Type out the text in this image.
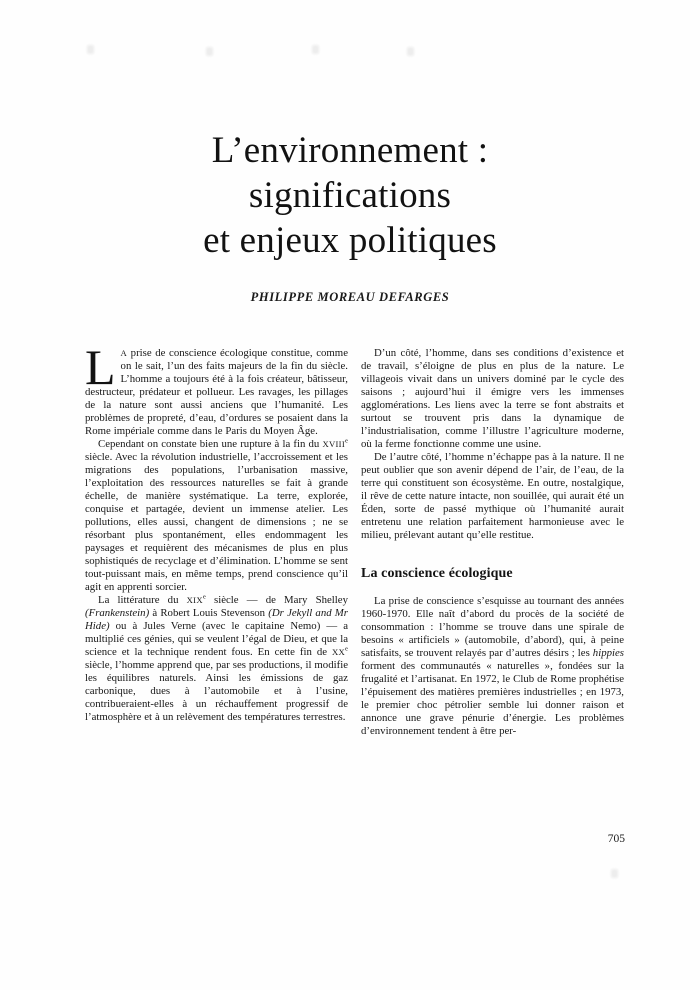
L’environnement :
significations
et enjeux politiques
PHILIPPE MOREAU DEFARGES

L A prise de conscience écologique constitue, comme on le sait, l’un des faits majeurs de la fin du siècle. L’homme a toujours été à la fois créateur, bâtisseur, destructeur, prédateur et pollueur. Les ravages, les pillages de la nature sont aussi anciens que l’humanité. Les problèmes de propreté, d’eau, d’ordures se posaient dans la Rome impériale comme dans le Paris du Moyen Âge.

Cependant on constate bien une rupture à la fin du XVIIIe siècle. Avec la révolution industrielle, l’accroissement et les migrations des populations, l’urbanisation massive, l’exploitation des ressources naturelles se fait à grande échelle, de manière systématique. La terre, explorée, conquise et partagée, devient un immense atelier. Les pollutions, elles aussi, changent de dimensions ; ne se résorbant plus spontanément, elles endommagent les paysages et requièrent des mécanismes de plus en plus sophistiqués de recyclage et d’élimination. L’homme se sent tout-puissant mais, en même temps, prend conscience qu’il agit en apprenti sorcier.

La littérature du XIXe siècle — de Mary Shelley (Frankenstein) à Robert Louis Stevenson (Dr Jekyll and Mr Hide) ou à Jules Verne (avec le capitaine Nemo) — a multiplié ces génies, qui se veulent l’égal de Dieu, et que la science et la technique rendent fous. En cette fin de XXe siècle, l’homme apprend que, par ses productions, il modifie les équilibres naturels. Ainsi les émissions de gaz carbonique, dues à l’automobile et à l’usine, contribueraient-elles à un réchauffement progressif de l’atmosphère et à un relèvement des températures terrestres.

D’un côté, l’homme, dans ses conditions d’existence et de travail, s’éloigne de plus en plus de la nature. Le villageois vivait dans un univers dominé par le cycle des saisons ; aujourd’hui il émigre vers les immenses agglomérations. Les liens avec la terre se font abstraits et surtout se trouvent pris dans la dynamique de l’industrialisation, comme l’illustre l’agriculture moderne, où la ferme fonctionne comme une usine.

De l’autre côté, l’homme n’échappe pas à la nature. Il ne peut oublier que son avenir dépend de l’air, de l’eau, de la terre qui constituent son écosystème. En outre, nostalgique, il rêve de cette nature intacte, non souillée, qui aurait été un Éden, sorte de passé mythique où l’humanité aurait entretenu une relation parfaitement harmonieuse avec le milieu, prélevant autant qu’elle restitue.

La conscience écologique

La prise de conscience s’esquisse au tournant des années 1960-1970. Elle naît d’abord du procès de la société de consommation : l’homme se trouve dans une spirale de besoins « artificiels » (automobile, d’abord), qui, à peine satisfaits, se trouvent relayés par d’autres désirs ; les hippies forment des communautés « naturelles », fondées sur la frugalité et l’artisanat. En 1972, le Club de Rome prophétise l’épuisement des matières premières industrielles ; en 1973, le premier choc pétrolier semble lui donner raison et annonce une grave pénurie d’énergie. Les problèmes d’environnement tendent à être per-

705
